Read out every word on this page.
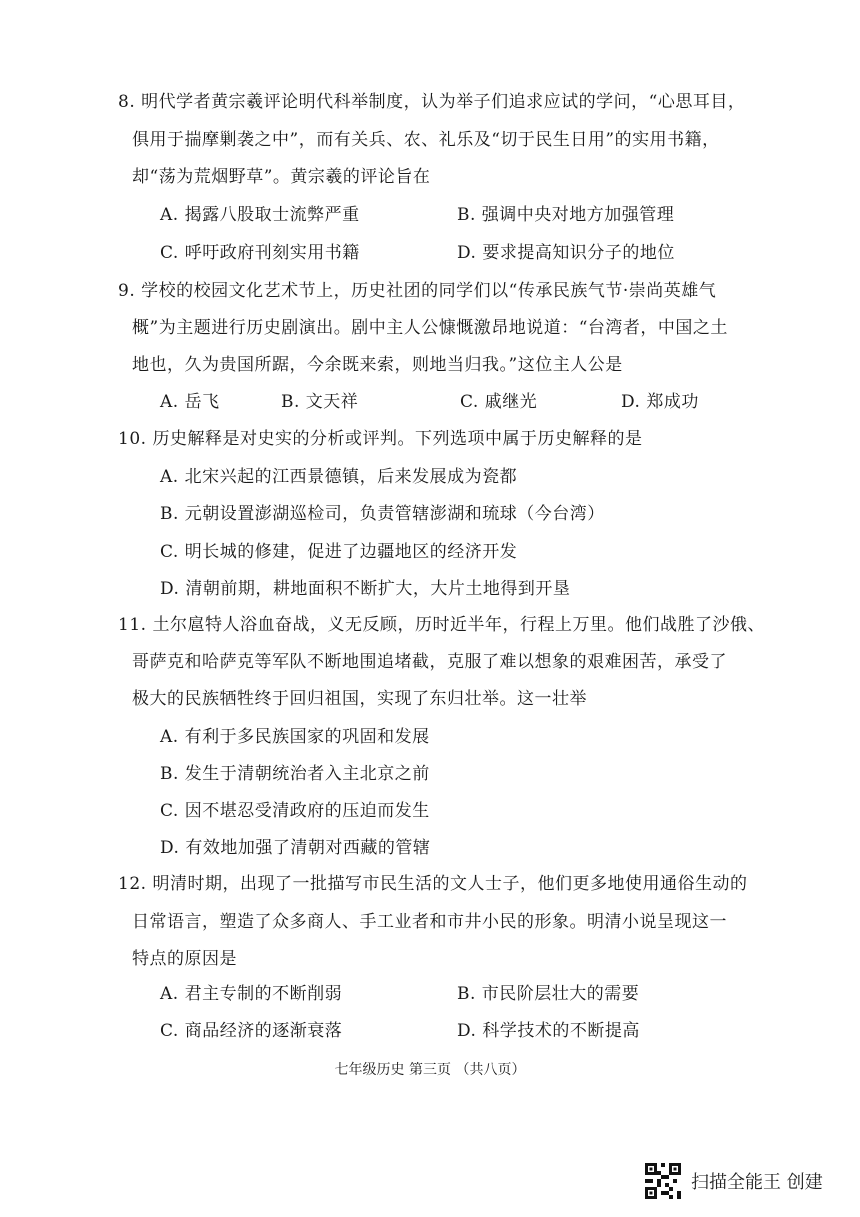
8. 明代学者黄宗羲评论明代科举制度，认为举子们追求应试的学问，“心思耳目，
俱用于揣摩剿袭之中”，而有关兵、农、礼乐及“切于民生日用”的实用书籍，
却“荡为荒烟野草”。黄宗羲的评论旨在
A. 揭露八股取士流弊严重	B. 强调中央对地方加强管理
C. 呼吁政府刊刻实用书籍	D. 要求提高知识分子的地位
9. 学校的校园文化艺术节上，历史社团的同学们以“传承民族气节·崇尚英雄气
概”为主题进行历史剧演出。剧中主人公慷慨激昂地说道：“台湾者，中国之土
地也，久为贵国所踞，今余既来索，则地当归我。”这位主人公是
A. 岳飞	B. 文天祥	C. 戚继光	D. 郑成功
10. 历史解释是对史实的分析或评判。下列选项中属于历史解释的是
A. 北宋兴起的江西景德镇，后来发展成为瓷都
B. 元朝设置澎湖巡检司，负责管辖澎湖和琉球（今台湾）
C. 明长城的修建，促进了边疆地区的经济开发
D. 清朝前期，耕地面积不断扩大，大片土地得到开垦
11. 土尔扈特人浴血奋战，义无反顾，历时近半年，行程上万里。他们战胜了沙俄、
哥萨克和哈萨克等军队不断地围追堵截，克服了难以想象的艰难困苦，承受了
极大的民族牺牲终于回归祖国，实现了东归壮举。这一壮举
A. 有利于多民族国家的巩固和发展
B. 发生于清朝统治者入主北京之前
C. 因不堪忍受清政府的压迫而发生
D. 有效地加强了清朝对西藏的管辖
12. 明清时期，出现了一批描写市民生活的文人士子，他们更多地使用通俗生动的
日常语言，塑造了众多商人、手工业者和市井小民的形象。明清小说呈现这一
特点的原因是
A. 君主专制的不断削弱	B. 市民阶层壮大的需要
C. 商品经济的逐渐衰落	D. 科学技术的不断提高
七年级历史 第三页 （共八页）
扫描全能王 创建
